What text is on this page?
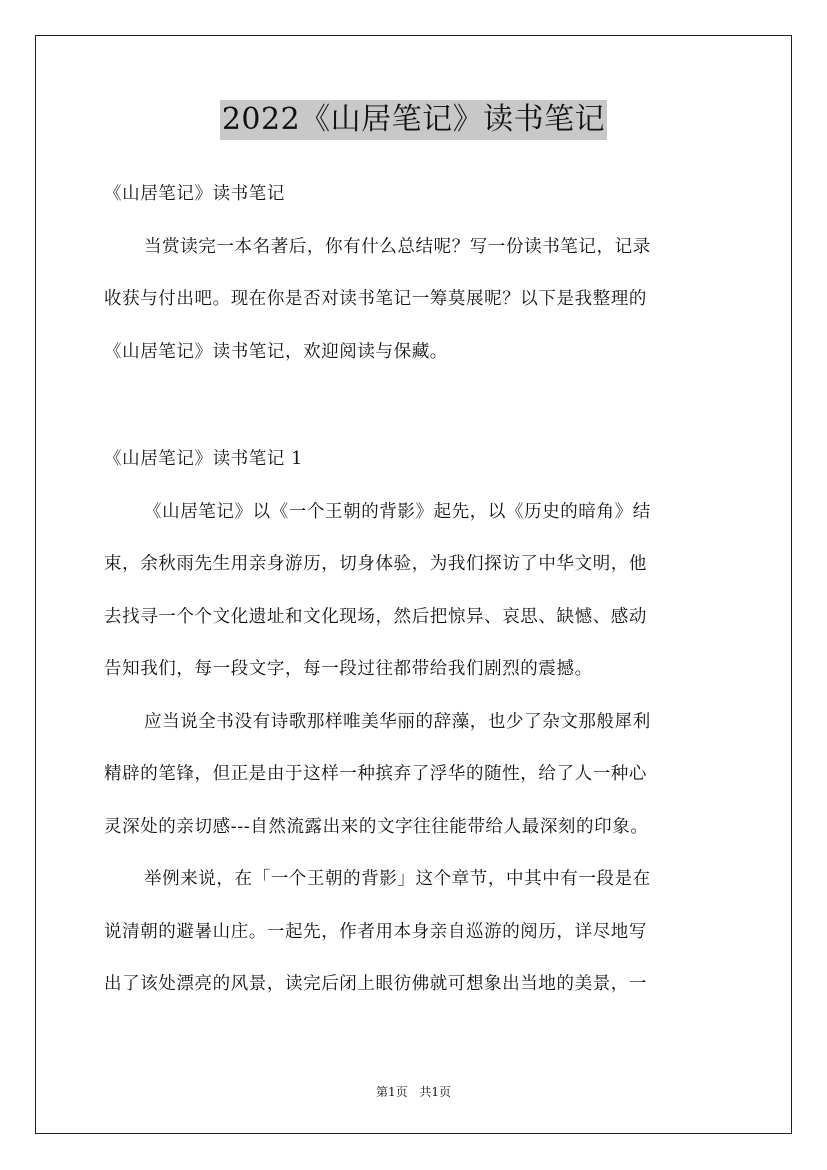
2022《山居笔记》读书笔记
《山居笔记》读书笔记
当赏读完一本名著后，你有什么总结呢？写一份读书笔记，记录
收获与付出吧。现在你是否对读书笔记一筹莫展呢？以下是我整理的
《山居笔记》读书笔记，欢迎阅读与保藏。
《山居笔记》读书笔记 1
《山居笔记》以《一个王朝的背影》起先，以《历史的暗角》结
束，余秋雨先生用亲身游历，切身体验，为我们探访了中华文明，他
去找寻一个个文化遗址和文化现场，然后把惊异、哀思、缺憾、感动
告知我们，每一段文字，每一段过往都带给我们剧烈的震撼。
应当说全书没有诗歌那样唯美华丽的辞藻，也少了杂文那般犀利
精辟的笔锋，但正是由于这样一种摈弃了浮华的随性，给了人一种心
灵深处的亲切感---自然流露出来的文字往往能带给人最深刻的印象。
举例来说，在「一个王朝的背影」这个章节，中其中有一段是在
说清朝的避暑山庄。一起先，作者用本身亲自巡游的阅历，详尽地写
出了该处漂亮的风景，读完后闭上眼彷佛就可想象出当地的美景，一
第1页 共1页
